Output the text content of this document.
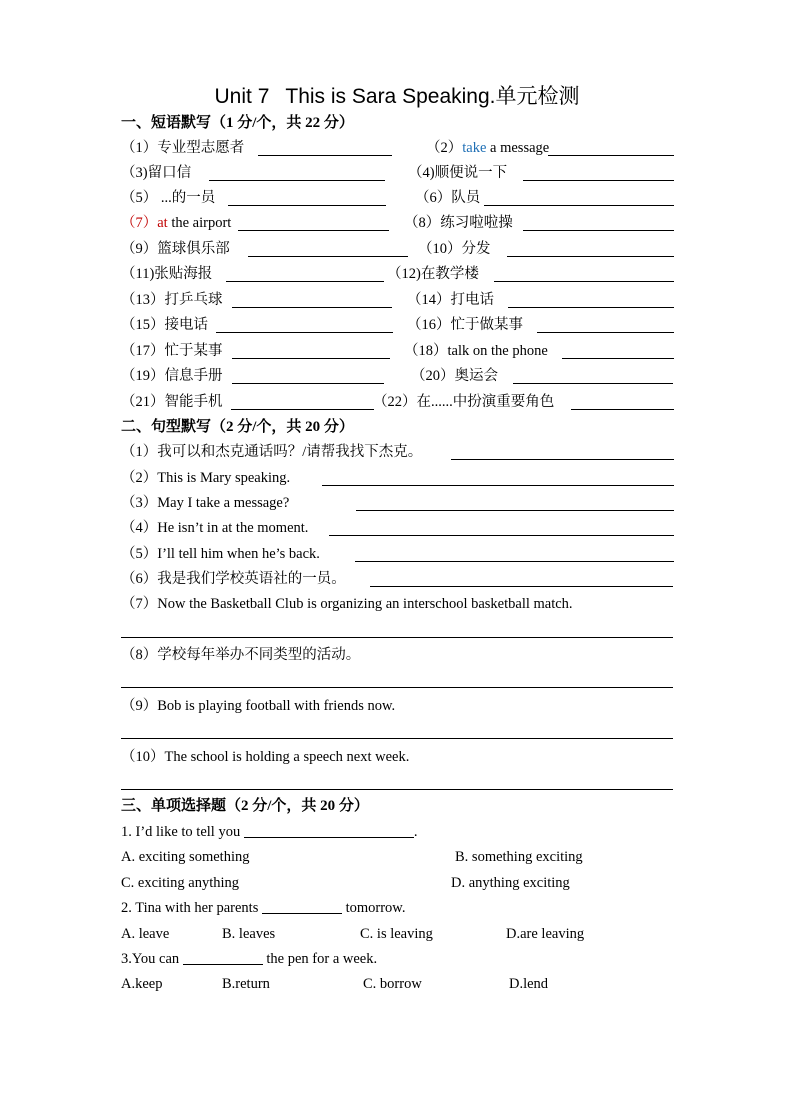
Unit 7 This is Sara Speaking.单元检测
一、短语默写（1 分/个，共 22 分）
（1）专业型志愿者	（2）take a message
（3)留口信	（4)顺便说一下
（5） ...的一员	（6）队员
（7）at the airport	（8）练习啦啦操
（9）篮球俱乐部	（10）分发
（11)张贴海报	（12)在教学楼
（13）打乒乓球	（14）打电话
（15）接电话	（16）忙于做某事
（17）忙于某事	（18）talk on the phone
（19）信息手册	（20）奥运会
（21）智能手机	（22）在......中扮演重要角色
二、句型默写（2 分/个，共 20 分）
（1）我可以和杰克通话吗？/请帮我找下杰克。
（2）This is Mary speaking.
（3）May I take a message?
（4）He isn’t in at the moment.
（5）I’ll tell him when he’s back.
（6）我是我们学校英语社的一员。
（7）Now the Basketball Club is organizing an interschool basketball match.
（8）学校每年举办不同类型的活动。
（9）Bob is playing football with friends now.
（10）The school is holding a speech next week.
三、单项选择题（2 分/个，共 20 分）
1. I’d like to tell you	.
A. exciting something	B. something exciting
C. exciting anything	D. anything exciting
2. Tina with her parents	tomorrow.
A. leave	B. leaves	C. is leaving	D.are leaving
3.You can	the pen for a week.
A.keep	B.return	C. borrow	D.lend
